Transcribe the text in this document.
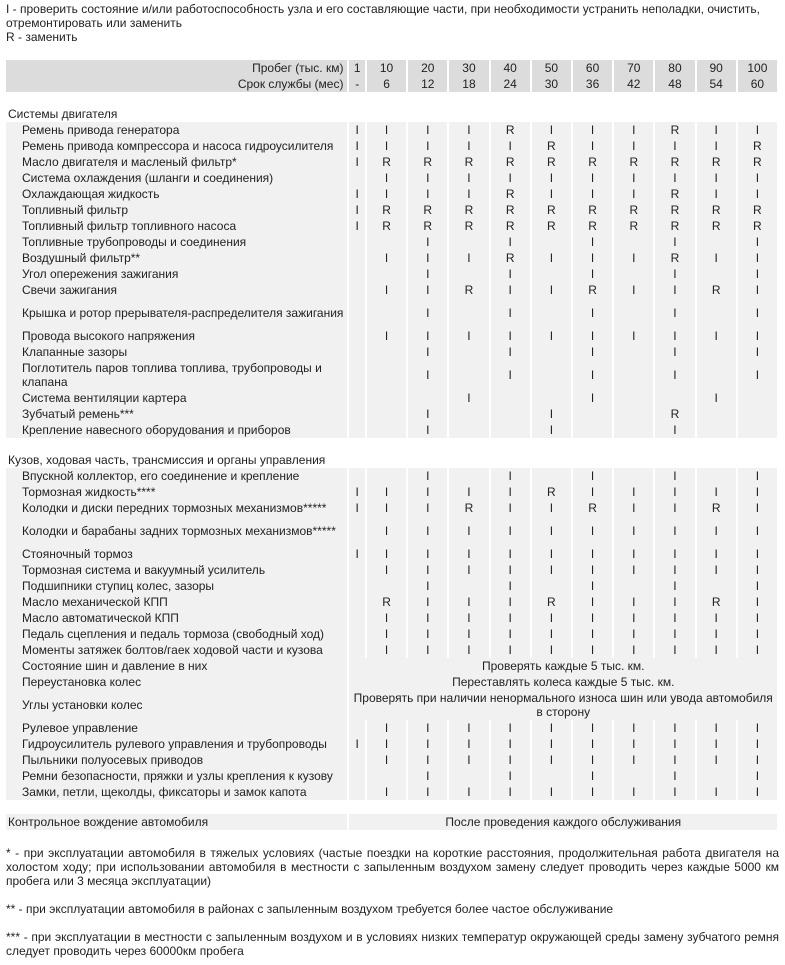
I - проверить состояние и/или работоспособность узла и его составляющие части, при необходимости устранить неполадки, очистить, отремонтировать или заменить
R - заменить
Пробег (тыс. км)	1	10	20	30	40	50	60	70	80	90	100
Срок службы (мес)	-	6	12	18	24	30	36	42	48	54	60

Системы двигателя											
Ремень привода генератора	I	I	I	I	R	I	I	I	R	I	I
Ремень привода компрессора и насоса гидроусилителя	I	I	I	I	I	R	I	I	I	I	R
Масло двигателя и масленый фильтр*	I	R	R	R	R	R	R	R	R	R	R
Система охлаждения (шланги и соединения)		I	I	I	I	I	I	I	I	I	I
Охлаждающая жидкость	I	I	I	I	R	I	I	I	R	I	I
Топливный фильтр	I	R	R	R	R	R	R	R	R	R	R
Топливный фильтр топливного насоса	I	R	R	R	R	R	R	R	R	R	R
Топливные трубопроводы и соединения			I		I		I		I		I
Воздушный фильтр**		I	I	I	R	I	I	I	R	I	I
Угол опережения зажигания			I		I		I		I		I
Свечи зажигания		I	I	R	I	I	R	I	I	R	I
Крышка и ротор прерывателя-распределителя зажигания			I		I		I		I		I
Провода высокого напряжения		I	I	I	I	I	I	I	I	I	I
Клапанные зазоры			I		I		I		I		I
Поглотитель паров топлива топлива, трубопроводы и клапана			I		I		I		I		I
Система вентиляции картера				I			I			I	
Зубчатый ремень***			I			I			R		
Крепление навесного оборудования и приборов			I			I			I		

Кузов, ходовая часть, трансмиссия и органы управления											
Впускной коллектор, его соединение и крепление			I		I		I		I		I
Тормозная жидкость****	I	I	I	I	I	R	I	I	I	I	I
Колодки и диски передних тормозных механизмов*****	I	I	I	R	I	I	R	I	I	R	I
Колодки и барабаны задних тормозных механизмов*****		I	I	I	I	I	I	I	I	I	I
Стояночный тормоз	I	I	I	I	I	I	I	I	I	I	I
Тормозная система и вакуумный усилитель		I	I	I	I	I	I	I	I	I	I
Подшипники ступиц колес, зазоры			I		I		I		I		I
Масло механической КПП		R	I	I	I	R	I	I	I	R	I
Масло автоматической КПП		I	I	I	I	I	I	I	I	I	I
Педаль сцепления и педаль тормоза (свободный ход)		I	I	I	I	I	I	I	I	I	I
Моменты затяжек болтов/гаек ходовой части и кузова		I	I	I	I	I	I	I	I	I	I
Состояние шин и давление в них	Проверять каждые 5 тыс. км.										
Переустановка колес	Переставлять колеса каждые 5 тыс. км.										
Углы установки колес	Проверять при наличии ненормального износа шин или увода автомобиля в сторону										
Рулевое управление		I	I	I	I	I	I	I	I	I	I
Гидроусилитель рулевого управления и трубопроводы	I	I	I	I	I	I	I	I	I	I	I
Пыльники полуосевых приводов		I	I	I	I	I	I	I	I	I	I
Ремни безопасности, пряжки и узлы крепления к кузову			I		I		I		I		I
Замки, петли, щеколды, фиксаторы и замок капота		I	I	I	I	I	I	I	I	I	I

Контрольное вождение автомобиля	После проведения каждого обслуживания										

* - при эксплуатации автомобиля в тяжелых условиях (частые поездки на короткие расстояния, продолжительная работа двигателя на холостом ходу; при использовании автомобиля в местности с запыленным воздухом замену следует проводить через каждые 5000 км пробега или 3 месяца эксплуатации)

** - при эксплуатации автомобиля в районах с запыленным воздухом требуется более частое обслуживание

*** - при эксплуатации в местности с запыленным воздухом и в условиях низких температур окружающей среды замену зубчатого ремня следует проводить через 60000км пробега
